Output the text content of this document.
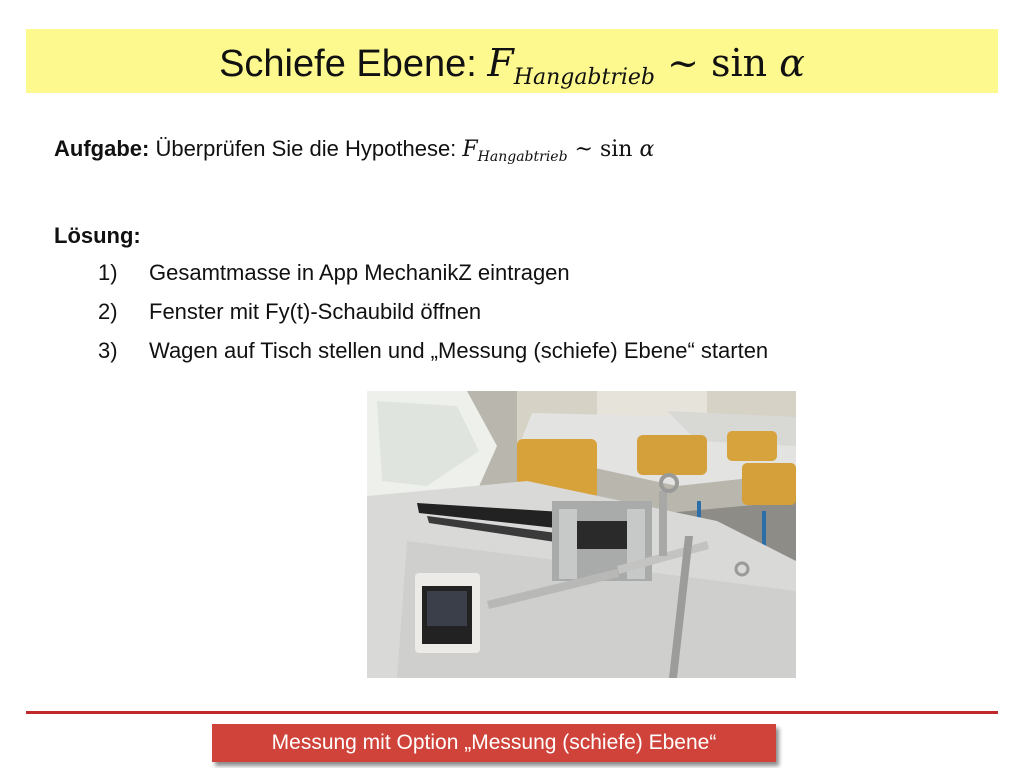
Schiefe Ebene: $F_{Hangabtrieb}$ ~ sin α
Aufgabe: Überprüfen Sie die Hypothese: $F_{Hangabtrieb}$ ~ sin α
Lösung:
1)	Gesamtmasse in App MechanikZ eintragen
2)	Fenster mit Fy(t)-Schaubild öffnen
3)	Wagen auf Tisch stellen und „Messung (schiefe) Ebene“ starten
Messung mit Option „Messung (schiefe) Ebene“
